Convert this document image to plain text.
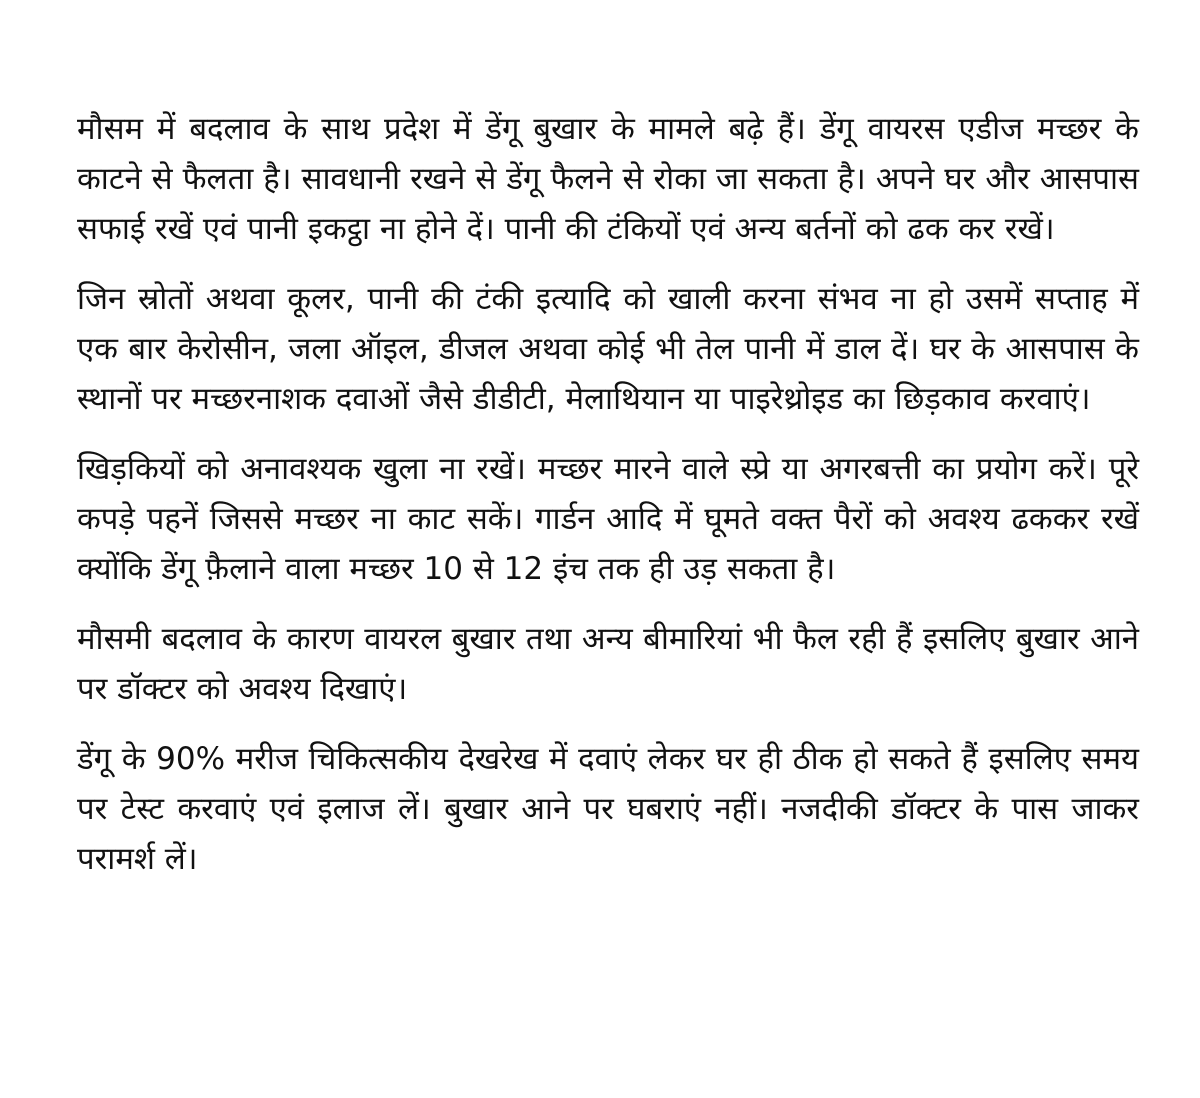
मौसम में बदलाव के साथ प्रदेश में डेंगू बुखार के मामले बढ़े हैं। डेंगू वायरस एडीज मच्छर के काटने से फैलता है। सावधानी रखने से डेंगू फैलने से रोका जा सकता है। अपने घर और आसपास सफाई रखें एवं पानी इकट्ठा ना होने दें। पानी की टंकियों एवं अन्य बर्तनों को ढक कर रखें।

जिन स्रोतों अथवा कूलर, पानी की टंकी इत्यादि को खाली करना संभव ना हो उसमें सप्ताह में एक बार केरोसीन, जला ऑइल, डीजल अथवा कोई भी तेल पानी में डाल दें। घर के आसपास के स्थानों पर मच्छरनाशक दवाओं जैसे डीडीटी, मेलाथियान या पाइरेथ्रोइड का छिड़काव करवाएं।

खिड़कियों को अनावश्यक खुला ना रखें। मच्छर मारने वाले स्प्रे या अगरबत्ती का प्रयोग करें। पूरे कपड़े पहनें जिससे मच्छर ना काट सकें। गार्डन आदि में घूमते वक्त पैरों को अवश्य ढककर रखें क्योंकि डेंगू फ़ैलाने वाला मच्छर 10 से 12 इंच तक ही उड़ सकता है।

मौसमी बदलाव के कारण वायरल बुखार तथा अन्य बीमारियां भी फैल रही हैं इसलिए बुखार आने पर डॉक्टर को अवश्य दिखाएं।

डेंगू के 90% मरीज चिकित्सकीय देखरेख में दवाएं लेकर घर ही ठीक हो सकते हैं इसलिए समय पर टेस्ट करवाएं एवं इलाज लें। बुखार आने पर घबराएं नहीं। नजदीकी डॉक्टर के पास जाकर परामर्श लें।
